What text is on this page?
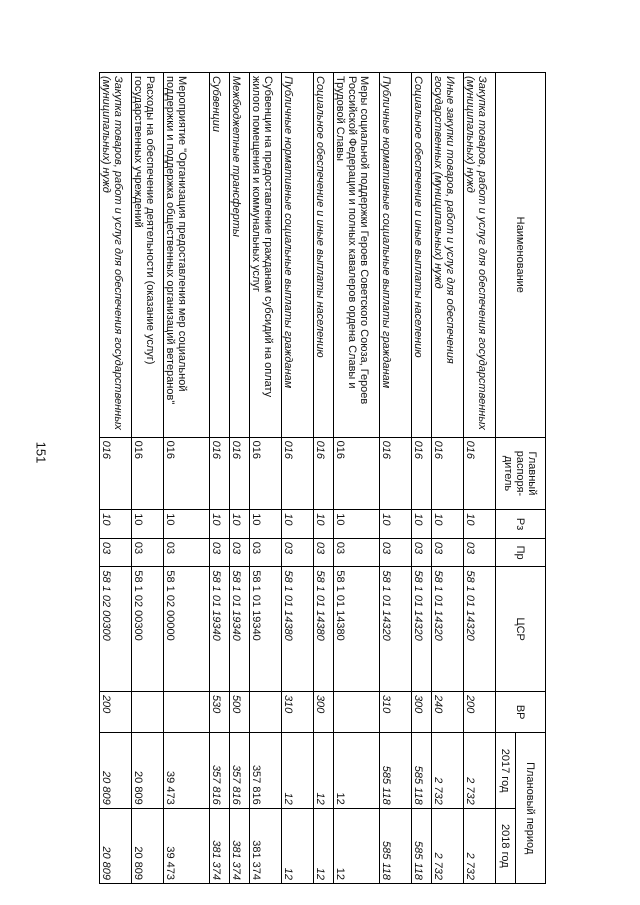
151
Наименование	Главный распоря-дитель	Рз	Пр	ЦСР	ВР	Плановый период	
						2017 год	2018 год
Закупка товаров, работ и услуг для обеспечения государственных (муниципальных) нужд	016	10	03	58 1 01 14320	200	2 732	2 732
Иные закупки товаров, работ и услуг для обеспечения государственных (муниципальных) нужд	016	10	03	58 1 01 14320	240	2 732	2 732
Социальное обеспечение и иные выплаты населению	016	10	03	58 1 01 14320	300	585 118	585 118
Публичные нормативные социальные выплаты гражданам	016	10	03	58 1 01 14320	310	585 118	585 118
Меры социальной поддержки Героев Советского Союза, Героев Российской Федерации и полных кавалеров ордена Славы и Трудовой Славы	016	10	03	58 1 01 14380		12	12
Социальное обеспечение и иные выплаты населению	016	10	03	58 1 01 14380	300	12	12
Публичные нормативные социальные выплаты гражданам	016	10	03	58 1 01 14380	310	12	12
Субвенции на предоставление гражданам субсидий на оплату жилого помещения и коммунальных услуг	016	10	03	58 1 01 19340		357 816	381 374
Межбюджетные трансферты	016	10	03	58 1 01 19340	500	357 816	381 374
Субвенции	016	10	03	58 1 01 19340	530	357 816	381 374
Мероприятие "Организация предоставления мер социальной поддержки и поддержка общественных организаций ветеранов"	016	10	03	58 1 02 00000		39 473	39 473
Расходы на обеспечение деятельности (оказание услуг) государственных учреждений	016	10	03	58 1 02 00300		20 809	20 809
Закупка товаров, работ и услуг для обеспечения государственных (муниципальных) нужд	016	10	03	58 1 02 00300	200	20 809	20 809
